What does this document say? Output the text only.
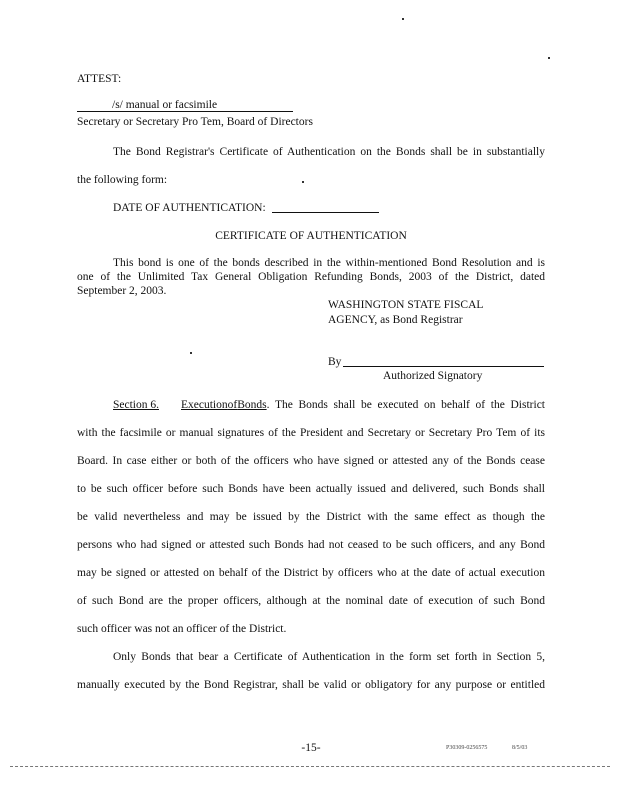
ATTEST:
/s/ manual or facsimile
Secretary or Secretary Pro Tem, Board of Directors
The Bond Registrar's Certificate of Authentication on the Bonds shall be in substantially
the following form:
DATE OF AUTHENTICATION:
CERTIFICATE OF AUTHENTICATION
This bond is one of the bonds described in the within-mentioned Bond Resolution and is
one of the Unlimited Tax General Obligation Refunding Bonds, 2003 of the District, dated
September 2, 2003.
WASHINGTON STATE FISCAL
AGENCY, as Bond Registrar
By
Authorized Signatory
Section 6. Execution of Bonds . The Bonds shall be executed on behalf of the District
with the facsimile or manual signatures of the President and Secretary or Secretary Pro Tem of its
Board. In case either or both of the officers who have signed or attested any of the Bonds cease
to be such officer before such Bonds have been actually issued and delivered, such Bonds shall
be valid nevertheless and may be issued by the District with the same effect as though the
persons who had signed or attested such Bonds had not ceased to be such officers, and any Bond
may be signed or attested on behalf of the District by officers who at the date of actual execution
of such Bond are the proper officers, although at the nominal date of execution of such Bond
such officer was not an officer of the District.
Only Bonds that bear a Certificate of Authentication in the form set forth in Section 5,
manually executed by the Bond Registrar, shall be valid or obligatory for any purpose or entitled
-15-	P30309-0256575	8/5/03
